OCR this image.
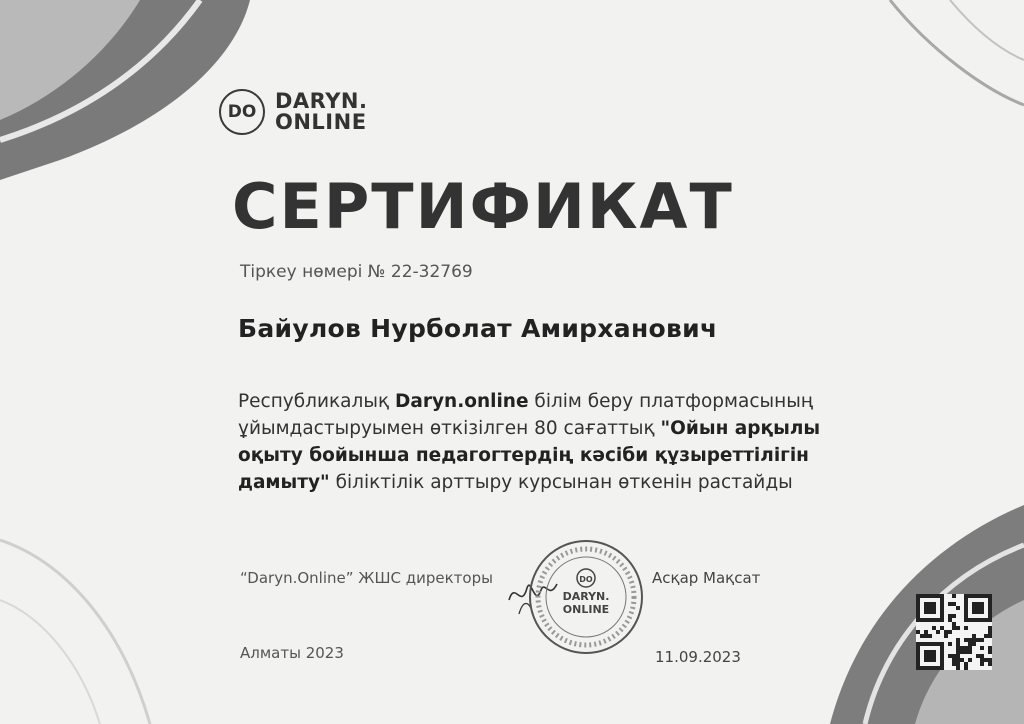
DO DARYN.
ONLINE
СЕРТИФИКАТ
Тіркеу нөмері № 22-32769
Байулов Нурболат Амирханович
Республикалық Daryn.online білім беру платформасының ұйымдастыруымен өткізілген 80 сағаттық "Ойын арқылы оқыту бойынша педагогтердің кәсіби құзыреттілігін дамыту" біліктілік арттыру курсынан өткенін растайды
“Daryn.Online” ЖШС директоры	DO
DARYN.
ONLINE
Асқар Мақсат
Алматы 2023	11.09.2023
